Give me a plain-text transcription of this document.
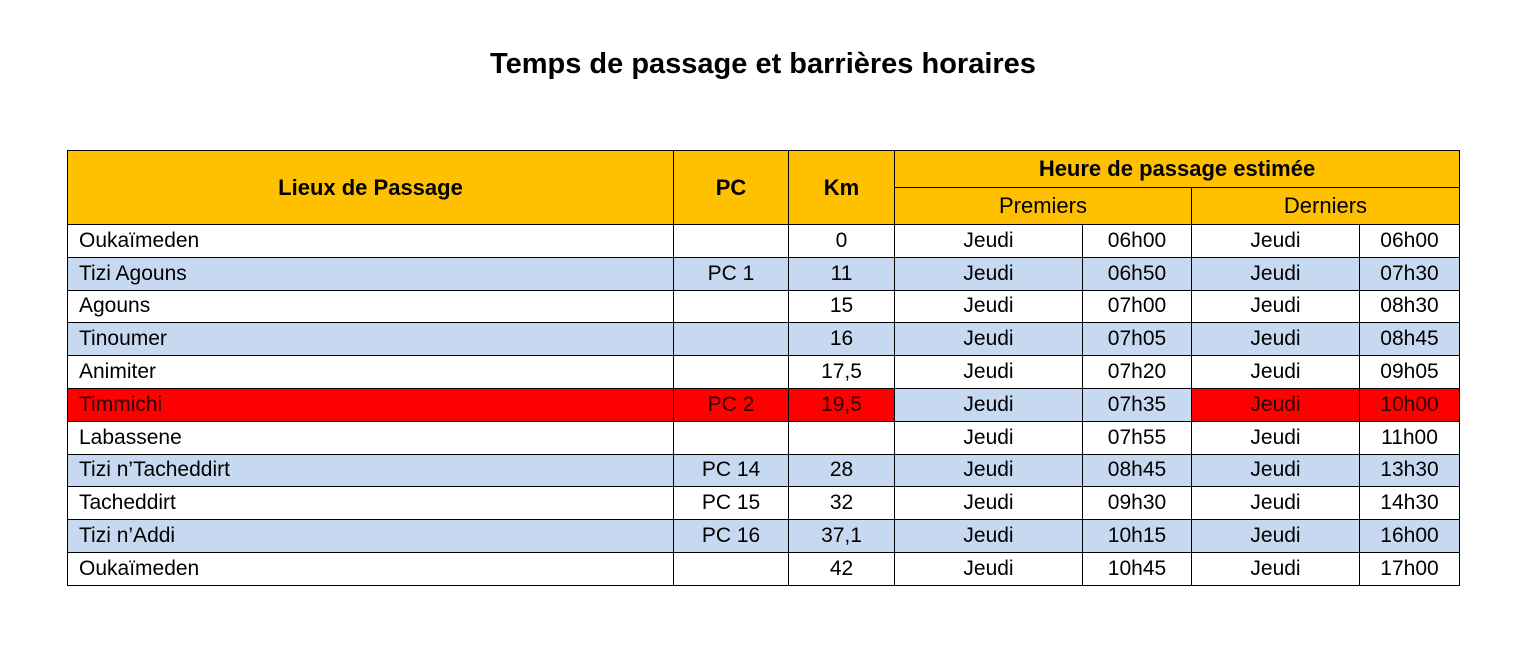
Temps de passage et barrières horaires
Lieux de Passage	PC	Km	Heure de passage estimée			
			Premiers		Derniers	
Oukaïmeden		0	Jeudi	06h00	Jeudi	06h00
Tizi Agouns	PC 1	11	Jeudi	06h50	Jeudi	07h30
Agouns		15	Jeudi	07h00	Jeudi	08h30
Tinoumer		16	Jeudi	07h05	Jeudi	08h45
Animiter		17,5	Jeudi	07h20	Jeudi	09h05
Timmichi	PC 2	19,5	Jeudi	07h35	Jeudi	10h00
Labassene			Jeudi	07h55	Jeudi	11h00
Tizi n’Tacheddirt	PC 14	28	Jeudi	08h45	Jeudi	13h30
Tacheddirt	PC 15	32	Jeudi	09h30	Jeudi	14h30
Tizi n’Addi	PC 16	37,1	Jeudi	10h15	Jeudi	16h00
Oukaïmeden		42	Jeudi	10h45	Jeudi	17h00
